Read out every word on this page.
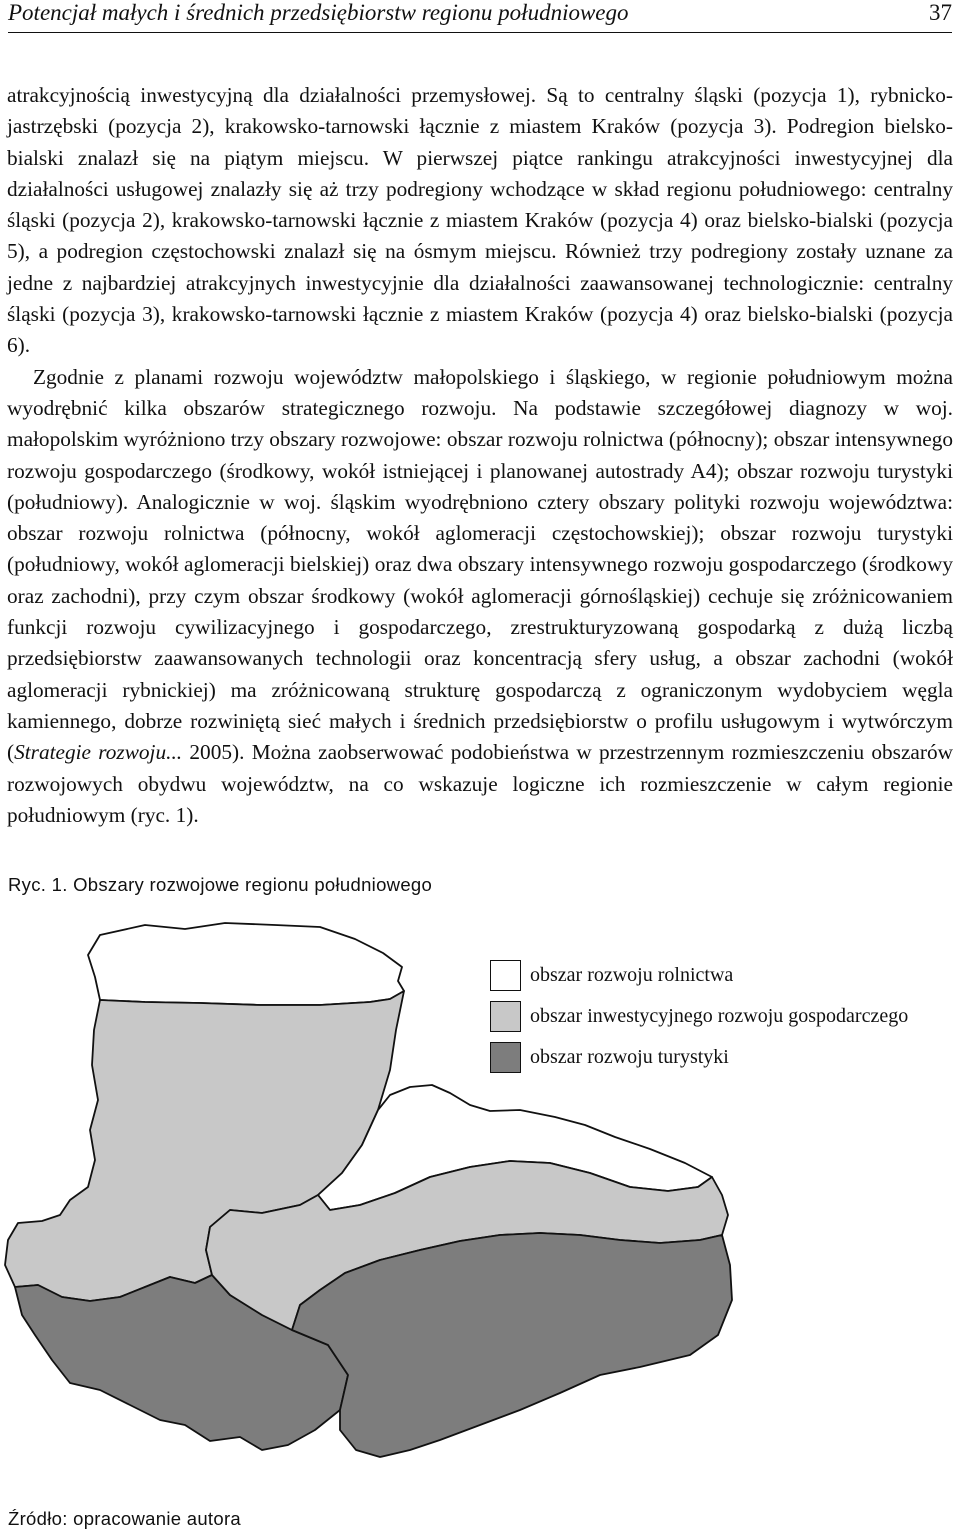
Potencjał małych i średnich przedsiębiorstw regionu południowego	37

atrakcyjnością inwestycyjną dla działalności przemysłowej. Są to centralny śląski (pozycja 1), rybnicko-jastrzębski (pozycja 2), krakowsko-tarnowski łącznie z miastem Kraków (pozycja 3). Podregion bielsko-bialski znalazł się na piątym miejscu. W pierwszej piątce rankingu atrakcyjności inwestycyjnej dla działalności usługowej znalazły się aż trzy podregiony wchodzące w skład regionu południowego: centralny śląski (pozycja 2), krakowsko-tarnowski łącznie z miastem Kraków (pozycja 4) oraz bielsko-bialski (pozycja 5), a podregion częstochowski znalazł się na ósmym miejscu. Również trzy podregiony zostały uznane za jedne z najbardziej atrakcyjnych inwestycyjnie dla działalności zaawansowanej technologicznie: centralny śląski (pozycja 3), krakowsko-tarnowski łącznie z miastem Kraków (pozycja 4) oraz bielsko-bialski (pozycja 6).

Zgodnie z planami rozwoju województw małopolskiego i śląskiego, w regionie południowym można wyodrębnić kilka obszarów strategicznego rozwoju. Na podstawie szczegółowej diagnozy w woj. małopolskim wyróżniono trzy obszary rozwojowe: obszar rozwoju rolnictwa (północny); obszar intensywnego rozwoju gospodarczego (środkowy, wokół istniejącej i planowanej autostrady A4); obszar rozwoju turystyki (południowy). Analogicznie w woj. śląskim wyodrębniono cztery obszary polityki rozwoju województwa: obszar rozwoju rolnictwa (północny, wokół aglomeracji częstochowskiej); obszar rozwoju turystyki (południowy, wokół aglomeracji bielskiej) oraz dwa obszary intensywnego rozwoju gospodarczego (środkowy oraz zachodni), przy czym obszar środkowy (wokół aglomeracji górnośląskiej) cechuje się zróżnicowaniem funkcji rozwoju cywilizacyjnego i gospodarczego, zrestrukturyzowaną gospodarką z dużą liczbą przedsiębiorstw zaawansowanych technologii oraz koncentracją sfery usług, a obszar zachodni (wokół aglomeracji rybnickiej) ma zróżnicowaną strukturę gospodarczą z ograniczonym wydobyciem węgla kamiennego, dobrze rozwiniętą sieć małych i średnich przedsiębiorstw o profilu usługowym i wytwórczym (Strategie rozwoju... 2005). Można zaobserwować podobieństwa w przestrzennym rozmieszczeniu obszarów rozwojowych obydwu województw, na co wskazuje logiczne ich rozmieszczenie w całym regionie południowym (ryc. 1).

Ryc. 1. Obszary rozwojowe regionu południowego
obszar rozwoju rolnictwa
obszar inwestycyjnego rozwoju gospodarczego
obszar rozwoju turystyki
Źródło: opracowanie autora
